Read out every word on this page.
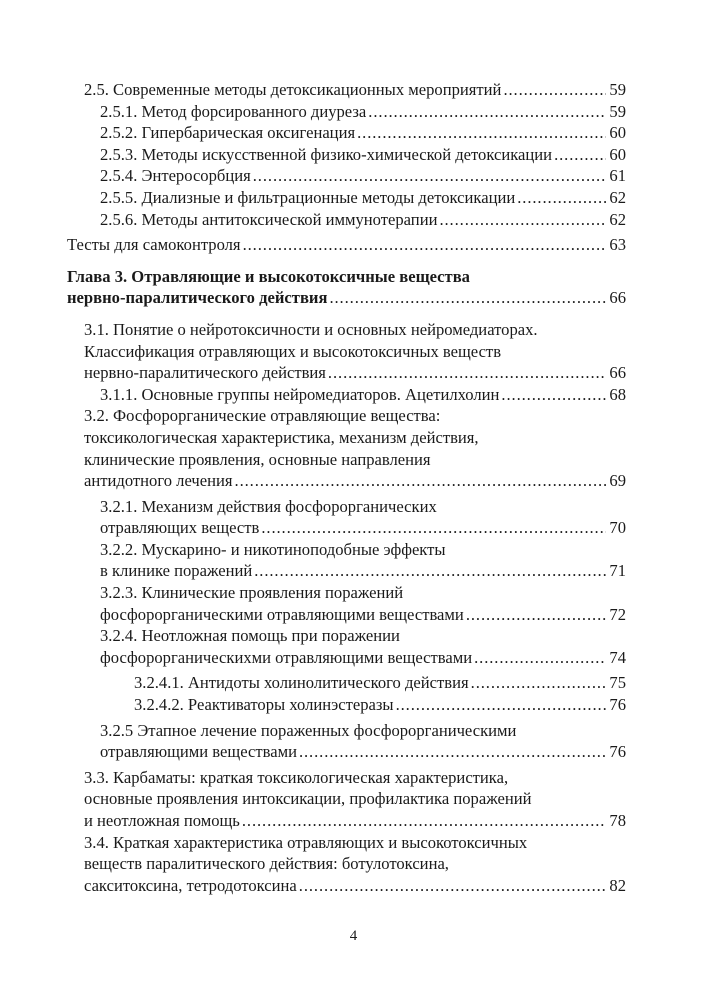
2.5. Современные методы детоксикационных мероприятий .....	59
2.5.1. Метод форсированного диуреза .....	59
2.5.2. Гипербарическая оксигенация .....	60
2.5.3. Методы искусственной физико-химической детоксикации .....	60
2.5.4. Энтеросорбция .....	61
2.5.5. Диализные и фильтрационные методы детоксикации .....	62
2.5.6. Методы антитоксической иммунотерапии .....	62
Тесты для самоконтроля .....	63
Глава 3. Отравляющие и высокотоксичные вещества
нервно-паралитического действия .....	66
3.1. Понятие о нейротоксичности и основных нейромедиаторах.
Классификация отравляющих и высокотоксичных веществ
нервно-паралитического действия .....	66
3.1.1. Основные группы нейромедиаторов. Ацетилхолин .....	68
3.2. Фосфорорганические отравляющие вещества:
токсикологическая характеристика, механизм действия,
клинические проявления, основные направления
антидотного лечения .....	69
3.2.1. Механизм действия фосфорорганических
отравляющих веществ .....	70
3.2.2. Мускарино- и никотиноподобные эффекты
в клинике поражений .....	71
3.2.3. Клинические проявления поражений
фосфорорганическими отравляющими веществами .....	72
3.2.4. Неотложная помощь при поражении
фосфорорганическихми отравляющими веществами .....	74
3.2.4.1. Антидоты холинолитического действия .....	75
3.2.4.2. Реактиваторы холинэстеразы .....	76
3.2.5 Этапное лечение пораженных фосфорорганическими
отравляющими веществами .....	76
3.3. Карбаматы: краткая токсикологическая характеристика,
основные проявления интоксикации, профилактика поражений
и неотложная помощь .....	78
3.4. Краткая характеристика отравляющих и высокотоксичных
веществ паралитического действия: ботулотоксина,
сакситоксина, тетродотоксина .....	82
4
